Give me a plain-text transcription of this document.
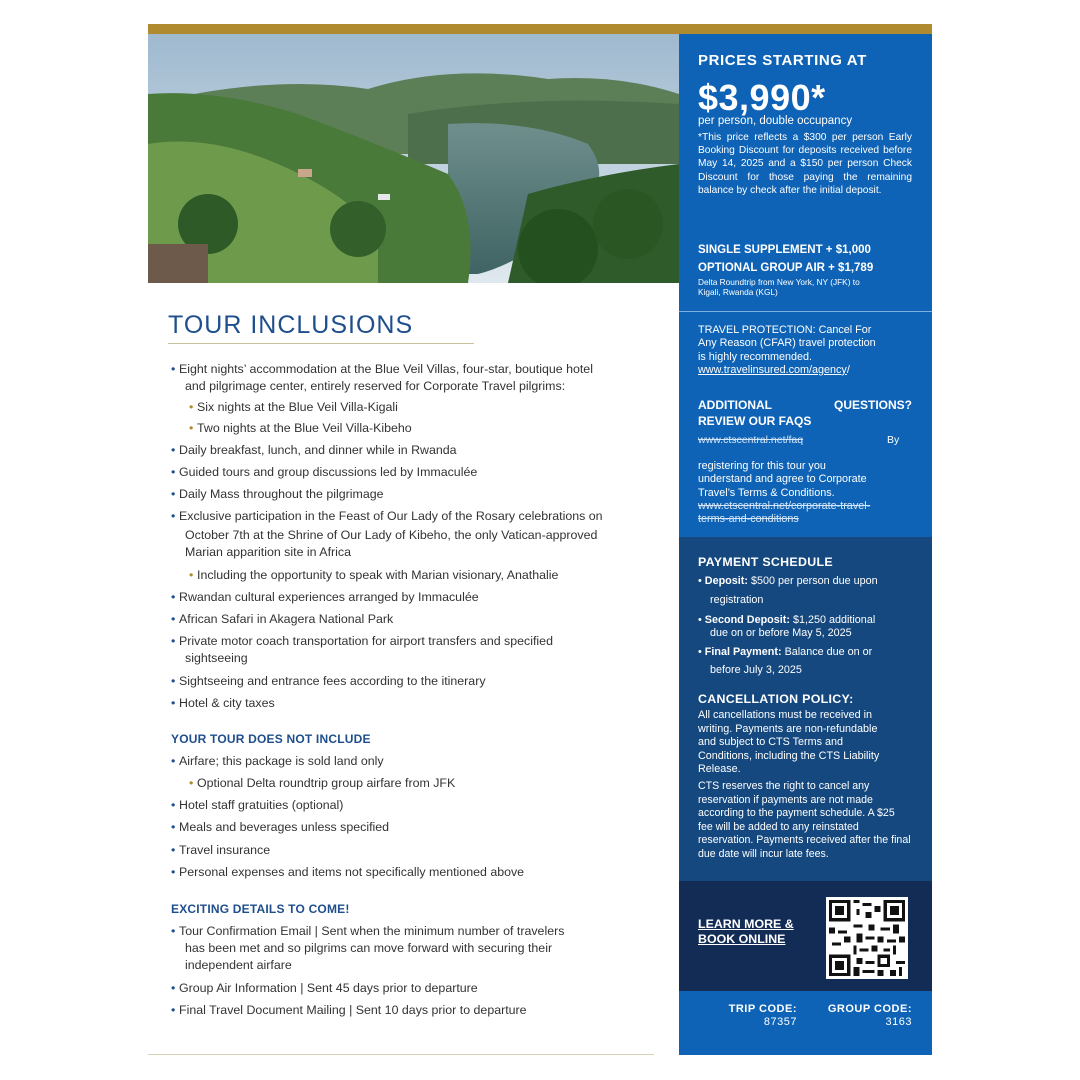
TOUR INCLUSIONS
• Eight nights’ accommodation at the Blue Veil Villas, four-star, boutique hotel
and pilgrimage center, entirely reserved for Corporate Travel pilgrims:
• Six nights at the Blue Veil Villa-Kigali
• Two nights at the Blue Veil Villa-Kibeho
• Daily breakfast, lunch, and dinner while in Rwanda
• Guided tours and group discussions led by Immaculée
• Daily Mass throughout the pilgrimage
• Exclusive participation in the Feast of Our Lady of the Rosary celebrations on
October 7th at the Shrine of Our Lady of Kibeho, the only Vatican-approved
Marian apparition site in Africa
• Including the opportunity to speak with Marian visionary, Anathalie
• Rwandan cultural experiences arranged by Immaculée
• African Safari in Akagera National Park
• Private motor coach transportation for airport transfers and specified
sightseeing
• Sightseeing and entrance fees according to the itinerary
• Hotel & city taxes
YOUR TOUR DOES NOT INCLUDE
• Airfare; this package is sold land only
• Optional Delta roundtrip group airfare from JFK
• Hotel staff gratuities (optional)
• Meals and beverages unless specified
• Travel insurance
• Personal expenses and items not specifically mentioned above
EXCITING DETAILS TO COME!
• Tour Confirmation Email | Sent when the minimum number of travelers
has been met and so pilgrims can move forward with securing their
independent airfare
• Group Air Information | Sent 45 days prior to departure
• Final Travel Document Mailing | Sent 10 days prior to departure
PRICES STARTING AT
$3,990*
per person, double occupancy
*This price reflects a $300 per person Early Booking Discount for deposits received before May 14, 2025 and a $150 per person Check Discount for those paying the remaining balance by check after the initial deposit.
SINGLE SUPPLEMENT + $1,000
OPTIONAL GROUP AIR + $1,789
Delta Roundtrip from New York, NY (JFK) to
Kigali, Rwanda (KGL)
TRAVEL PROTECTION: Cancel For
Any Reason (CFAR) travel protection
is highly recommended.
www.travelinsured.com/agency/
ADDITIONAL	QUESTIONS?
REVIEW OUR FAQS
www.ctscentral.net/faq	By
registering for this tour you
understand and agree to Corporate
Travel’s Terms & Conditions.
www.ctscentral.net/corporate-travel-
terms-and-conditions
PAYMENT SCHEDULE
• Deposit: $500 per person due upon
registration
• Second Deposit: $1,250 additional
due on or before May 5, 2025
• Final Payment: Balance due on or
before July 3, 2025
CANCELLATION POLICY:
All cancellations must be received in writing. Payments are non-refundable and subject to CTS Terms and Conditions, including the CTS Liability Release.
CTS reserves the right to cancel any reservation if payments are not made according to the payment schedule. A $25 fee will be added to any reinstated reservation. Payments received after the final due date will incur late fees.
LEARN MORE &
BOOK ONLINE
TRIP CODE:
87357
GROUP CODE:
3163
